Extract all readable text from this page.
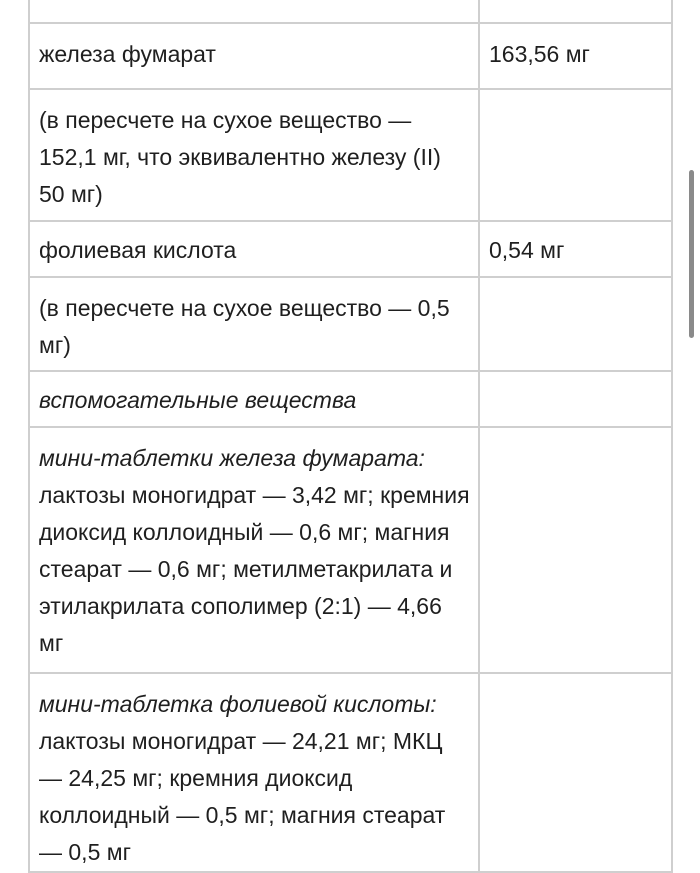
железа фумарат	163,56 мг
(в пересчете на сухое вещество — 152,1 мг, что эквивалентно железу (II) 50 мг)	
фолиевая кислота	0,54 мг
(в пересчете на сухое вещество — 0,5 мг)	
вспомогательные вещества	
мини-таблетки железа фумарата:
лактозы моногидрат — 3,42 мг; кремния диоксид коллоидный — 0,6 мг; магния стеарат — 0,6 мг; метилметакрилата и этилакрилата сополимер (2:1) — 4,66 мг	
мини-таблетка фолиевой кислоты:
лактозы моногидрат — 24,21 мг; МКЦ — 24,25 мг; кремния диоксид коллоидный — 0,5 мг; магния стеарат — 0,5 мг	
